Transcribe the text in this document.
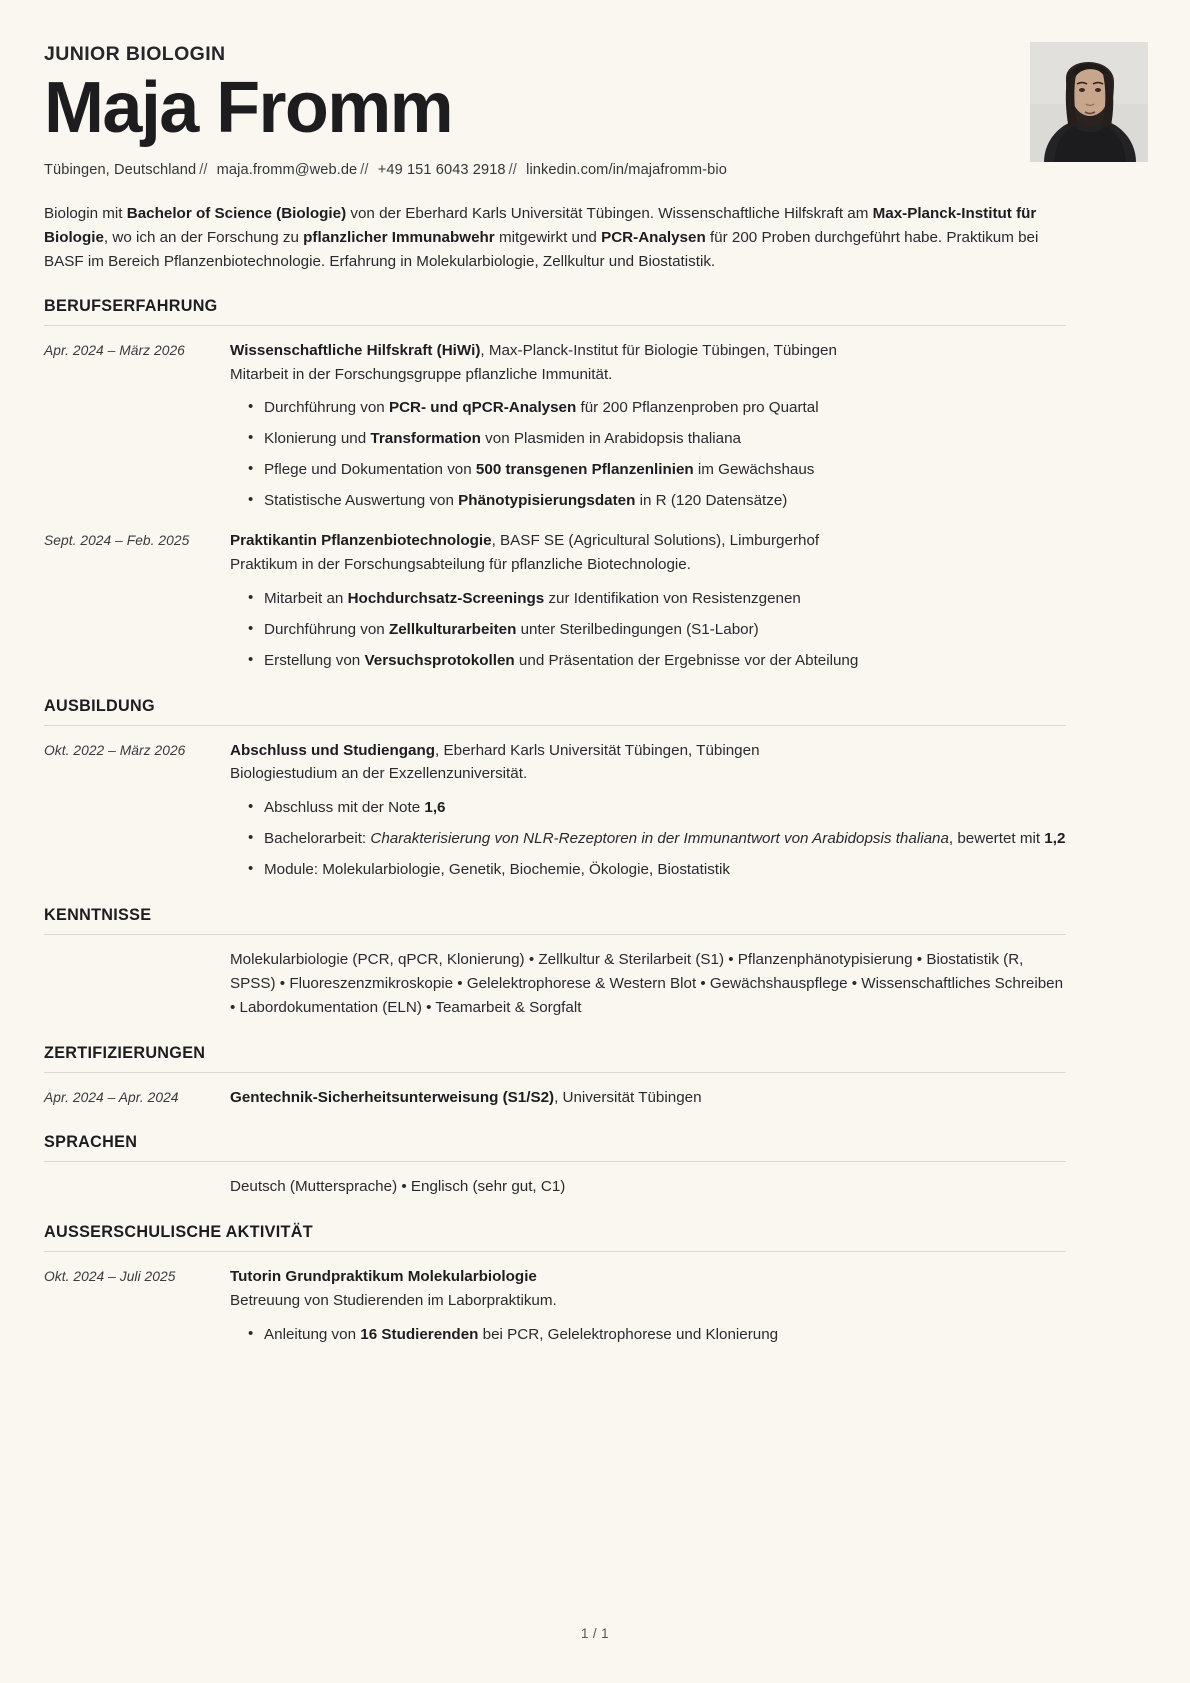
JUNIOR BIOLOGIN
Maja Fromm
Tübingen, Deutschland // maja.fromm@web.de // +49 151 6043 2918 // linkedin.com/in/majafromm-bio
Biologin mit Bachelor of Science (Biologie) von der Eberhard Karls Universität Tübingen. Wissenschaftliche Hilfskraft am Max-Planck-Institut für Biologie, wo ich an der Forschung zu pflanzlicher Immunabwehr mitgewirkt und PCR-Analysen für 200 Proben durchgeführt habe. Praktikum bei BASF im Bereich Pflanzenbiotechnologie. Erfahrung in Molekularbiologie, Zellkultur und Biostatistik.
BERUFSERFAHRUNG
Apr. 2024 – März 2026	Wissenschaftliche Hilfskraft (HiWi), Max-Planck-Institut für Biologie Tübingen, Tübingen
Mitarbeit in der Forschungsgruppe pflanzliche Immunität.
• Durchführung von PCR- und qPCR-Analysen für 200 Pflanzenproben pro Quartal
• Klonierung und Transformation von Plasmiden in Arabidopsis thaliana
• Pflege und Dokumentation von 500 transgenen Pflanzenlinien im Gewächshaus
• Statistische Auswertung von Phänotypisierungsdaten in R (120 Datensätze)
Sept. 2024 – Feb. 2025	Praktikantin Pflanzenbiotechnologie, BASF SE (Agricultural Solutions), Limburgerhof
Praktikum in der Forschungsabteilung für pflanzliche Biotechnologie.
• Mitarbeit an Hochdurchsatz-Screenings zur Identifikation von Resistenzgenen
• Durchführung von Zellkulturarbeiten unter Sterilbedingungen (S1-Labor)
• Erstellung von Versuchsprotokollen und Präsentation der Ergebnisse vor der Abteilung
AUSBILDUNG
Okt. 2022 – März 2026	Abschluss und Studiengang, Eberhard Karls Universität Tübingen, Tübingen
Biologiestudium an der Exzellenzuniversität.
• Abschluss mit der Note 1,6
• Bachelorarbeit: Charakterisierung von NLR-Rezeptoren in der Immunantwort von Arabidopsis thaliana, bewertet mit 1,2
• Module: Molekularbiologie, Genetik, Biochemie, Ökologie, Biostatistik
KENNTNISSE
Molekularbiologie (PCR, qPCR, Klonierung) • Zellkultur & Sterilarbeit (S1) • Pflanzenphänotypisierung • Biostatistik (R, SPSS) • Fluoreszenzmikroskopie • Gelelektrophorese & Western Blot • Gewächshauspflege • Wissenschaftliches Schreiben • Labordokumentation (ELN) • Teamarbeit & Sorgfalt
ZERTIFIZIERUNGEN
Apr. 2024 – Apr. 2024	Gentechnik-Sicherheitsunterweisung (S1/S2), Universität Tübingen
SPRACHEN
Deutsch (Muttersprache) • Englisch (sehr gut, C1)
AUSSERSCHULISCHE AKTIVITÄT
Okt. 2024 – Juli 2025	Tutorin Grundpraktikum Molekularbiologie
Betreuung von Studierenden im Laborpraktikum.
• Anleitung von 16 Studierenden bei PCR, Gelelektrophorese und Klonierung
1 / 1
